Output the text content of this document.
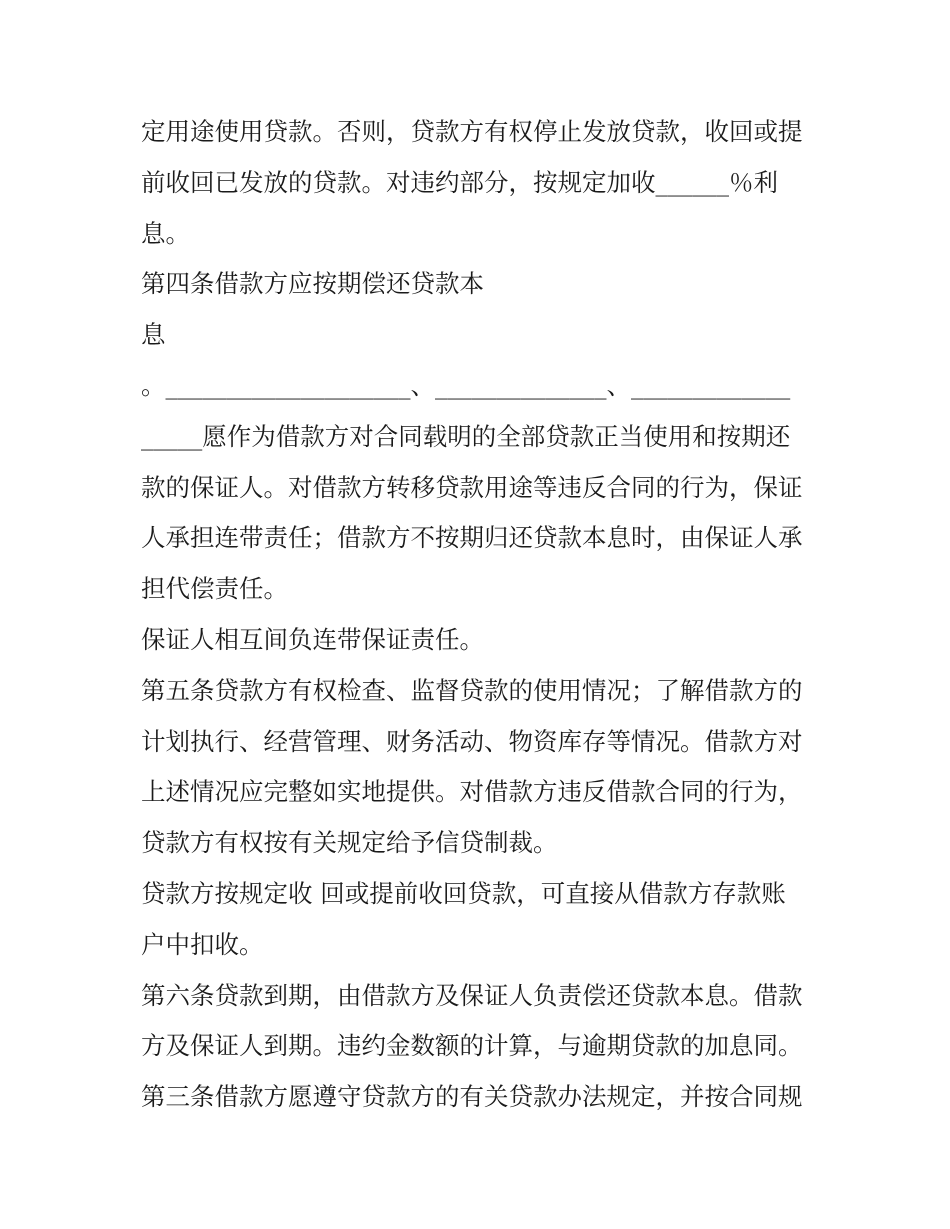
定用途使用贷款。否则，贷款方有权停止发放贷款，收回或提
前收回已发放的贷款。对违约部分，按规定加收______％利
息。
第四条借款方应按期偿还贷款本
息
。____________________、______________、_____________
_____愿作为借款方对合同载明的全部贷款正当使用和按期还
款的保证人。对借款方转移贷款用途等违反合同的行为，保证
人承担连带责任；借款方不按期归还贷款本息时，由保证人承
担代偿责任。
保证人相互间负连带保证责任。
第五条贷款方有权检查、监督贷款的使用情况；了解借款方的
计划执行、经营管理、财务活动、物资库存等情况。借款方对
上述情况应完整如实地提供。对借款方违反借款合同的行为，
贷款方有权按有关规定给予信贷制裁。
贷款方按规定收 回或提前收回贷款，可直接从借款方存款账
户中扣收。
第六条贷款到期，由借款方及保证人负责偿还贷款本息。借款
方及保证人到期。违约金数额的计算，与逾期贷款的加息同。
第三条借款方愿遵守贷款方的有关贷款办法规定，并按合同规
